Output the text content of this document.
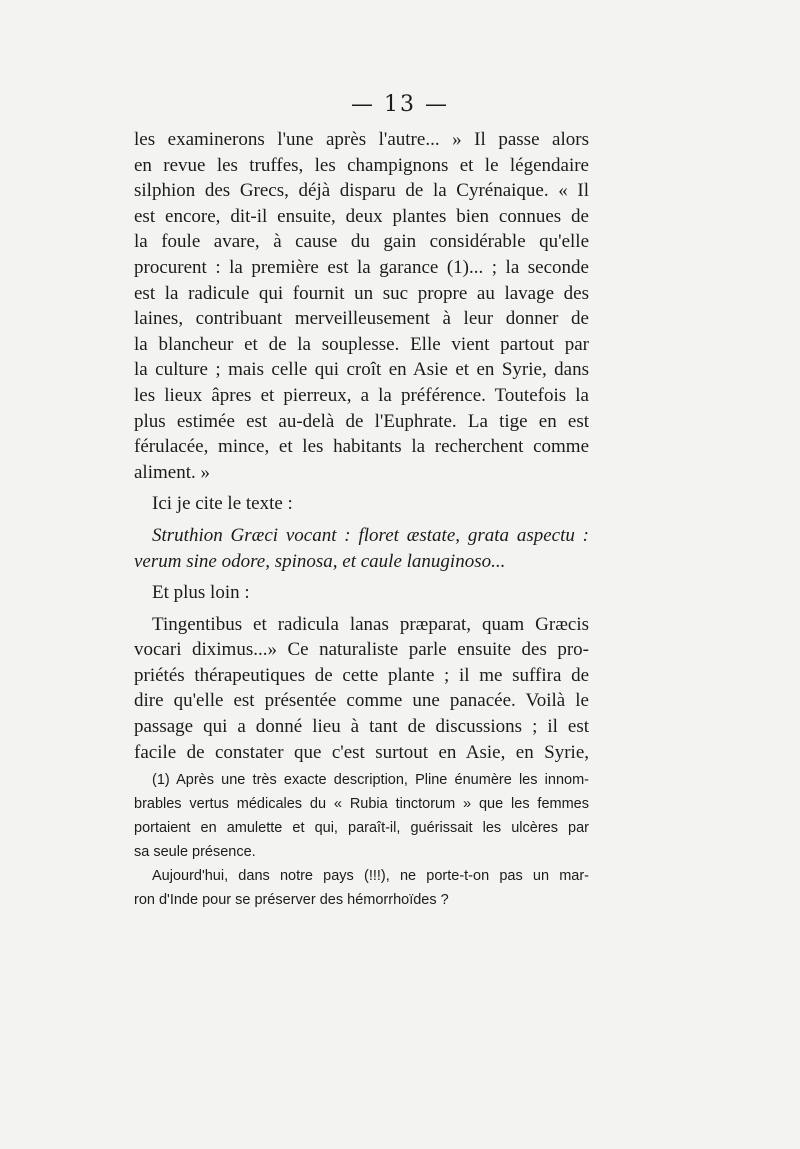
— 13 —
les examinerons l'une après l'autre... » Il passe alors
en revue les truffes, les champignons et le légendaire
silphion des Grecs, déjà disparu de la Cyrénaique. « Il
est encore, dit-il ensuite, deux plantes bien connues de
la foule avare, à cause du gain considérable qu'elle
procurent : la première est la garance (1)... ; la seconde
est la radicule qui fournit un suc propre au lavage des
laines, contribuant merveilleusement à leur donner de
la blancheur et de la souplesse. Elle vient partout par
la culture ; mais celle qui croît en Asie et en Syrie, dans
les lieux âpres et pierreux, a la préférence. Toutefois la
plus estimée est au-delà de l'Euphrate. La tige en est
férulacée, mince, et les habitants la recherchent comme
aliment. »
Ici je cite le texte :
Struthion Græci vocant : floret æstate, grata aspectu :
verum sine odore, spinosa, et caule lanuginoso...
Et plus loin :
Tingentibus et radicula lanas præparat, quam Græcis
vocari diximus...» Ce naturaliste parle ensuite des pro-
priétés thérapeutiques de cette plante ; il me suffira de
dire qu'elle est présentée comme une panacée. Voilà le
passage qui a donné lieu à tant de discussions ; il est
facile de constater que c'est surtout en Asie, en Syrie,
(1) Après une très exacte description, Pline énumère les innom-
brables vertus médicales du « Rubia tinctorum » que les femmes
portaient en amulette et qui, paraît-il, guérissait les ulcères par
sa seule présence.
Aujourd'hui, dans notre pays (!!!), ne porte-t-on pas un mar-
ron d'Inde pour se préserver des hémorrhoïdes ?
